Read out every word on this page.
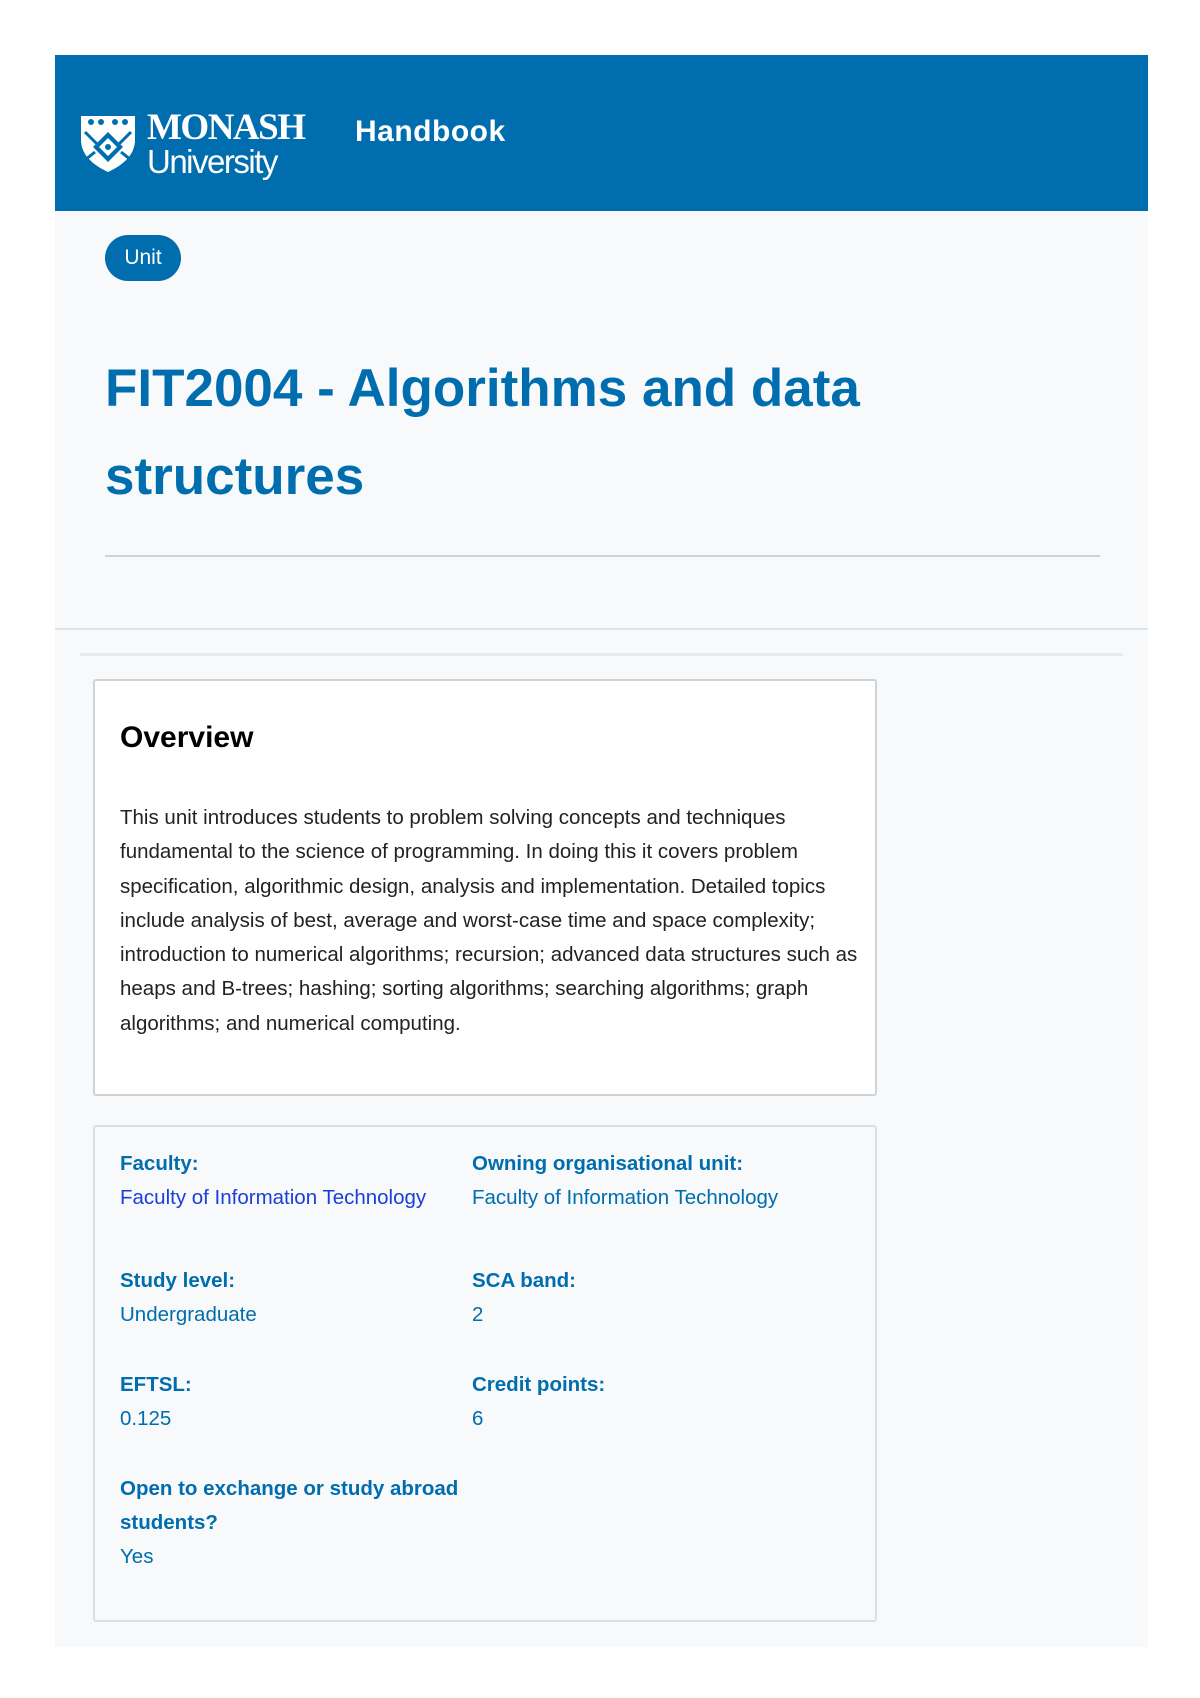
MONASH
University
Handbook
Unit
FIT2004 - Algorithms and data structures
Overview

This unit introduces students to problem solving concepts and techniques fundamental to the science of programming. In doing this it covers problem specification, algorithmic design, analysis and implementation. Detailed topics include analysis of best, average and worst-case time and space complexity; introduction to numerical algorithms; recursion; advanced data structures such as heaps and B-trees; hashing; sorting algorithms; searching algorithms; graph algorithms; and numerical computing.

Faculty:
Faculty of Information Technology
Owning organisational unit:
Faculty of Information Technology
Study level:
Undergraduate
SCA band:
2
EFTSL:
0.125
Credit points:
6
Open to exchange or study abroad students?
Yes
